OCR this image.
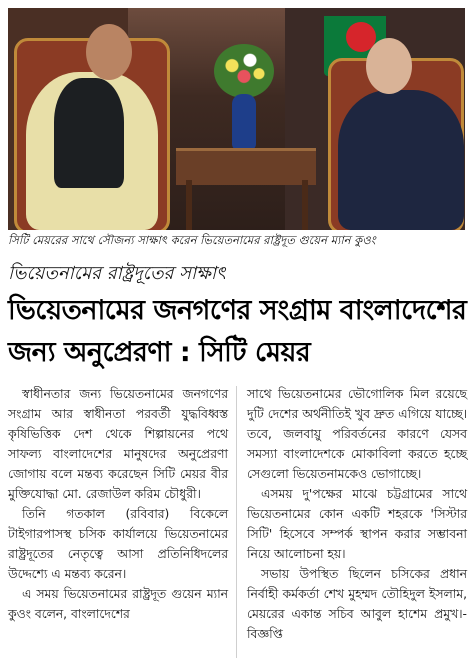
সিটি মেয়রের সাথে সৌজন্য সাক্ষাৎ করেন ভিয়েতনামের রাষ্ট্রদূত গুয়েন ম্যান কুওং
ভিয়েতনামের রাষ্ট্রদূতের সাক্ষাৎ
ভিয়েতনামের জনগণের সংগ্রাম বাংলাদেশের
জন্য অনুপ্রেরণা : সিটি মেয়র

স্বাধীনতার জন্য ভিয়েতনামের জনগণের সংগ্রাম আর স্বাধীনতা পরবর্তী যুদ্ধবিধ্বস্ত কৃষিভিত্তিক দেশ থেকে শিল্পায়নের পথে সাফল্য বাংলাদেশের মানুষদের অনুপ্রেরণা জোগায় বলে মন্তব্য করেছেন সিটি মেয়র বীর মুক্তিযোদ্ধা মো. রেজাউল করিম চৌধুরী।

তিনি গতকাল (রবিবার) বিকেলে টাইগারপাসস্থ চসিক কার্যালয়ে ভিয়েতনামের রাষ্ট্রদূতের নেতৃত্বে আসা প্রতিনিধিদলের উদ্দেশ্যে এ মন্তব্য করেন।

এ সময় ভিয়েতনামের রাষ্ট্রদূত গুয়েন ম্যান কুওং বলেন, বাংলাদেশের

সাথে ভিয়েতনামের ভৌগোলিক মিল রয়েছে দুটি দেশের অর্থনীতিই খুব দ্রুত এগিয়ে যাচ্ছে। তবে, জলবায়ু পরিবর্তনের কারণে যেসব সমস্যা বাংলাদেশকে মোকাবিলা করতে হচ্ছে সেগুলো ভিয়েতনামকেও ভোগাচ্ছে।

এসময় দু'পক্ষের মাঝে চট্টগ্রামের সাথে ভিয়েতনামের কোন একটি শহরকে 'সিস্টার সিটি' হিসেবে সম্পর্ক স্থাপন করার সম্ভাবনা নিয়ে আলোচনা হয়।

সভায় উপস্থিত ছিলেন চসিকের প্রধান নির্বাহী কর্মকর্তা শেখ মুহম্মদ তৌহিদুল ইসলাম, মেয়রের একান্ত সচিব আবুল হাশেম প্রমুখ।-বিজ্ঞপ্তি
